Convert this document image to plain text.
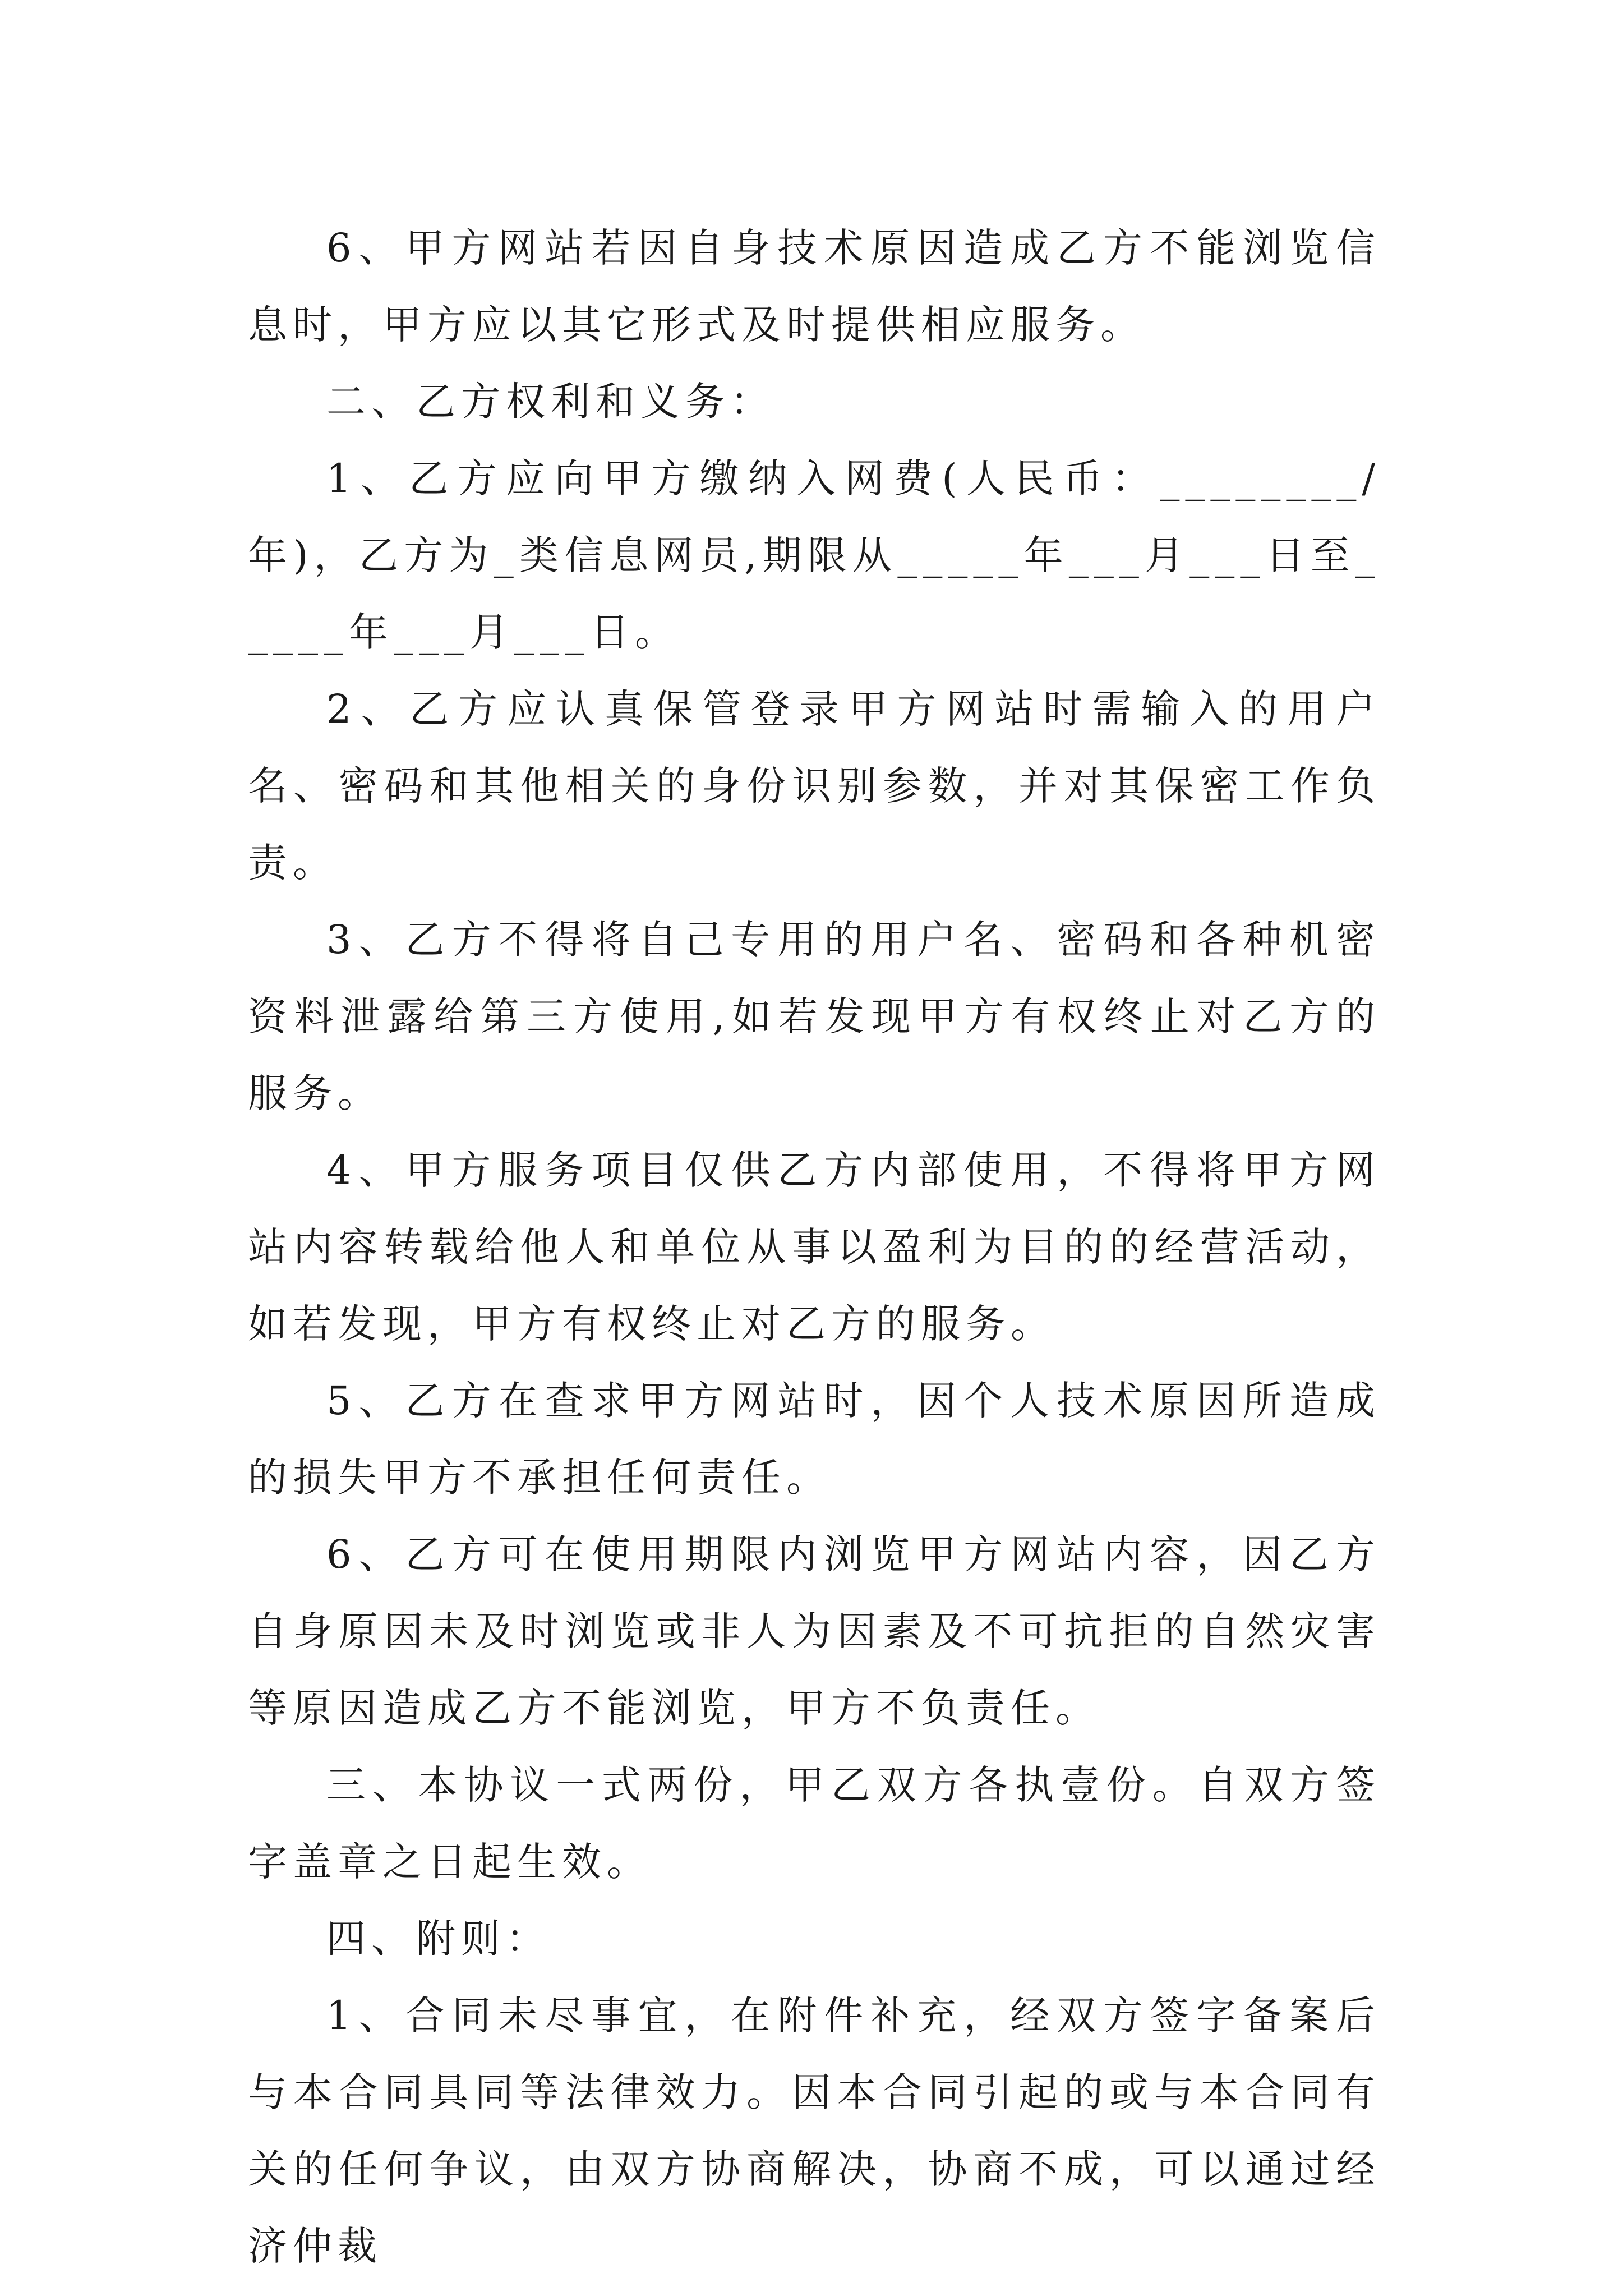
6、甲方网站若因自身技术原因造成乙方不能浏览信息时，甲方应以其它形式及时提供相应服务。

二、乙方权利和义务：

1、乙方应向甲方缴纳入网费(人民币：________/年)，乙方为_类信息网员,期限从_____年___月___日至_____年___月___日。

2、乙方应认真保管登录甲方网站时需输入的用户名、密码和其他相关的身份识别参数，并对其保密工作负责。

3、乙方不得将自己专用的用户名、密码和各种机密资料泄露给第三方使用,如若发现甲方有权终止对乙方的服务。

4、甲方服务项目仅供乙方内部使用，不得将甲方网站内容转载给他人和单位从事以盈利为目的的经营活动，如若发现，甲方有权终止对乙方的服务。

5、乙方在查求甲方网站时，因个人技术原因所造成的损失甲方不承担任何责任。

6、乙方可在使用期限内浏览甲方网站内容，因乙方自身原因未及时浏览或非人为因素及不可抗拒的自然灾害等原因造成乙方不能浏览，甲方不负责任。

三、本协议一式两份，甲乙双方各执壹份。自双方签字盖章之日起生效。

四、附则：

1、合同未尽事宜，在附件补充，经双方签字备案后与本合同具同等法律效力。因本合同引起的或与本合同有关的任何争议，由双方协商解决，协商不成，可以通过经济仲裁
